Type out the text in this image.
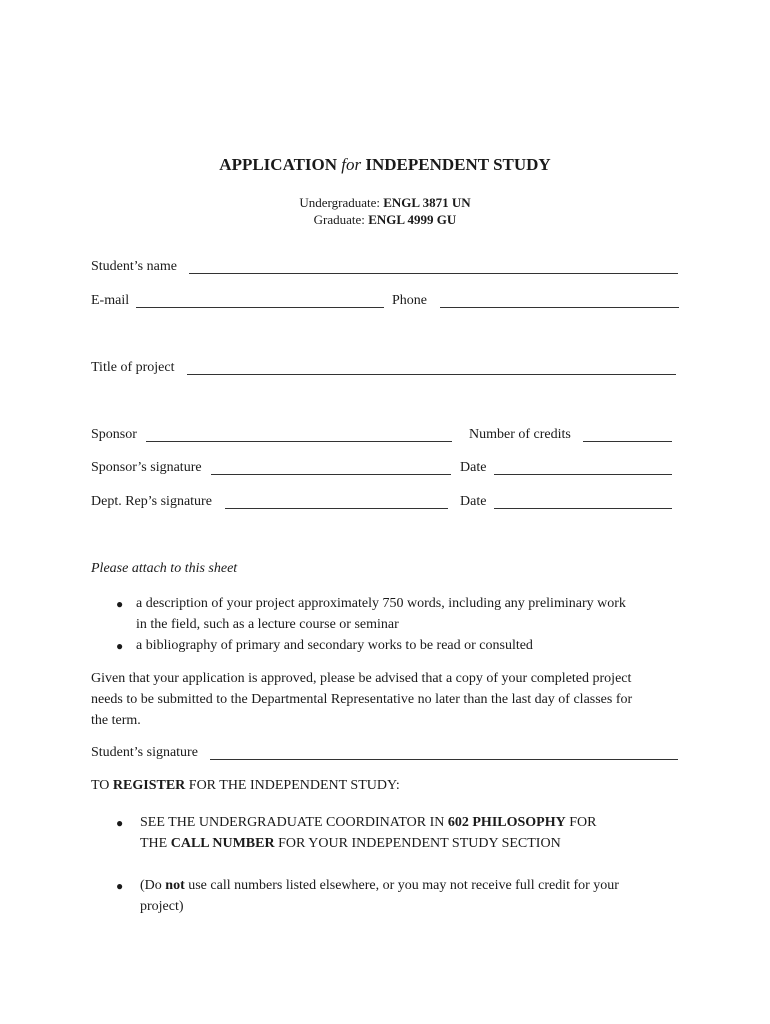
APPLICATION for INDEPENDENT STUDY
Undergraduate: ENGL 3871 UN
Graduate: ENGL 4999 GU
Student’s name
E-mail	Phone
Title of project
Sponsor	Number of credits
Sponsor’s signature	Date
Dept. Rep’s signature	Date
Please attach to this sheet
● a description of your project approximately 750 words, including any preliminary work
in the field, such as a lecture course or seminar
● a bibliography of primary and secondary works to be read or consulted
Given that your application is approved, please be advised that a copy of your completed project
needs to be submitted to the Departmental Representative no later than the last day of classes for
the term.
Student’s signature
TO REGISTER FOR THE INDEPENDENT STUDY:
● SEE THE UNDERGRADUATE COORDINATOR IN 602 PHILOSOPHY FOR
THE CALL NUMBER FOR YOUR INDEPENDENT STUDY SECTION
● (Do not use call numbers listed elsewhere, or you may not receive full credit for your
project)
